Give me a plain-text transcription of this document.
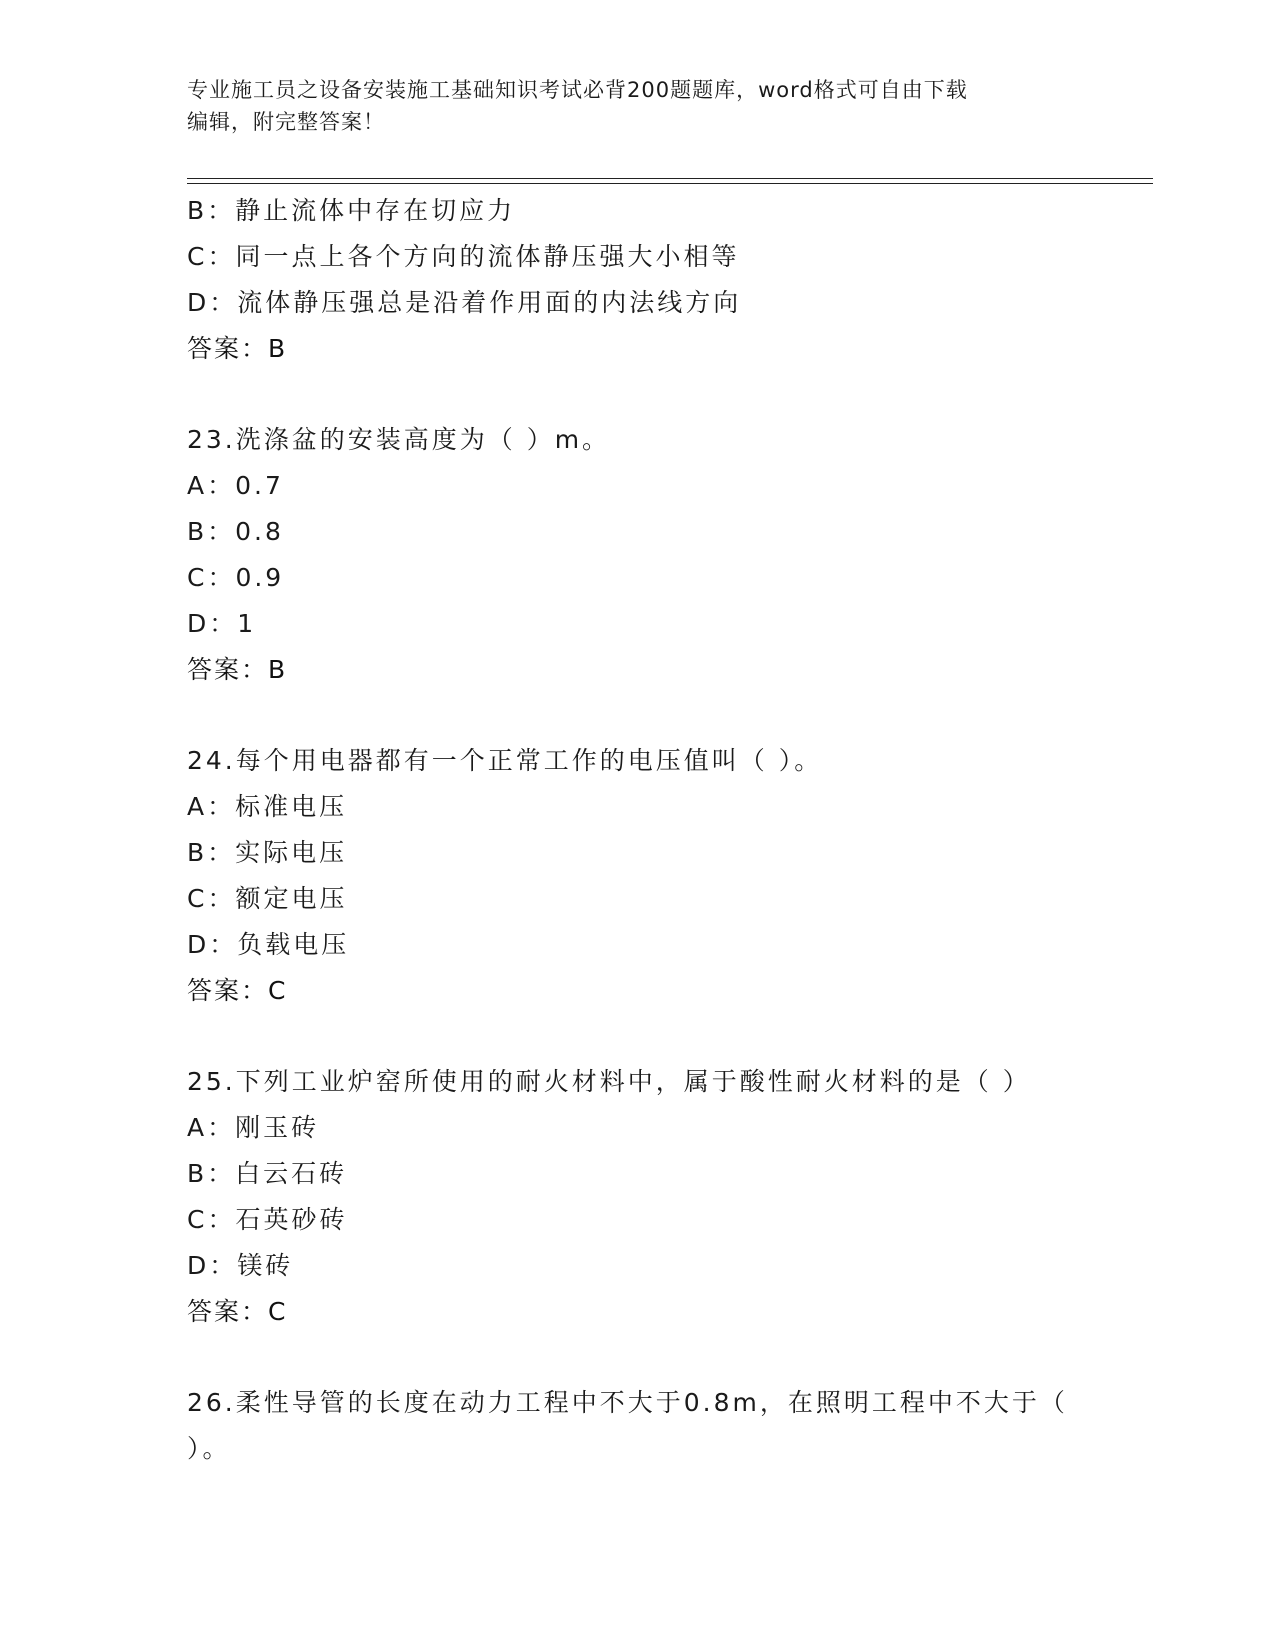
专业施工员之设备安装施工基础知识考试必背200题题库，word格式可自由下载
编辑，附完整答案！
B：静止流体中存在切应力
C：同一点上各个方向的流体静压强大小相等
D：流体静压强总是沿着作用面的内法线方向
答案：B
23.洗涤盆的安装高度为（ ）m。
A：0.7
B：0.8
C：0.9
D：1
答案：B
24.每个用电器都有一个正常工作的电压值叫（ ）。
A：标准电压
B：实际电压
C：额定电压
D：负载电压
答案：C
25.下列工业炉窑所使用的耐火材料中，属于酸性耐火材料的是（ ）
A：刚玉砖
B：白云石砖
C：石英砂砖
D：镁砖
答案：C
26.柔性导管的长度在动力工程中不大于0.8m，在照明工程中不大于（
）。
